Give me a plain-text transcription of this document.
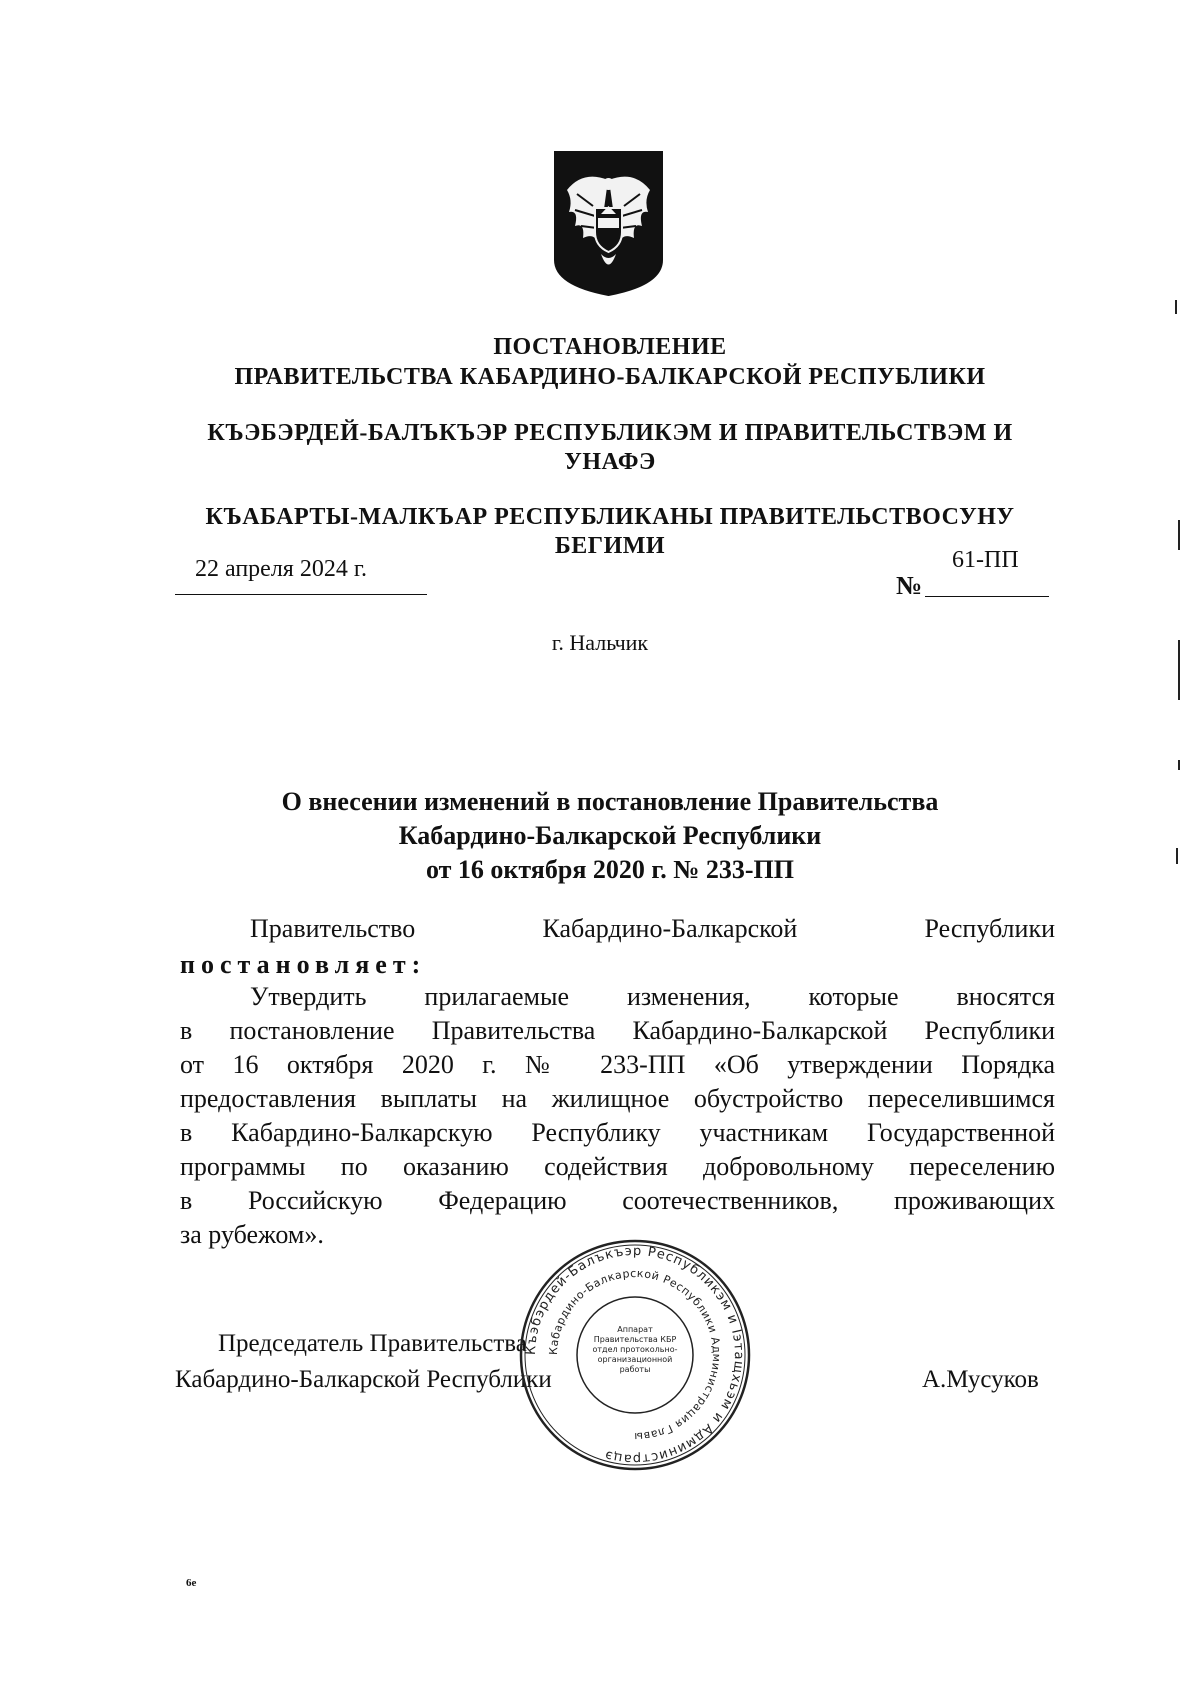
ПОСТАНОВЛЕНИЕ

ПРАВИТЕЛЬСТВА КАБАРДИНО-БАЛКАРСКОЙ РЕСПУБЛИКИ

КЪЭБЭРДЕЙ-БАЛЪКЪЭР РЕСПУБЛИКЭМ И ПРАВИТЕЛЬСТВЭМ И

УНАФЭ

КЪАБАРТЫ-МАЛКЪАР РЕСПУБЛИКАНЫ ПРАВИТЕЛЬСТВОСУНУ

БЕГИМИ

22 апреля 2024 г.
№
61-ПП
г. Нальчик

О внесении изменений в постановление Правительства

Кабардино-Балкарской Республики

от 16 октября 2020 г. № 233-ПП

Правительство Кабардино-Балкарской Республики
постановляет:
Утвердить прилагаемые изменения, которые вносятся
в постановление Правительства Кабардино-Балкарской Республики
от 16 октября 2020 г. № 233-ПП «Об утверждении Порядка
предоставления выплаты на жилищное обустройство переселившимся
в Кабардино-Балкарскую Республику участникам Государственной
программы по оказанию содействия добровольному переселению
в Российскую Федерацию соотечественников, проживающих
за рубежом».
Председатель Правительства
Кабардино-Балкарской Республики	А.Мусуков
Къэбэрдей-Балъкъэр Республикэм и Iэтащхьэм и Администрацэ
Кабардино-Балкарской Республики Администрация Главы
Аппарат Правительства КБР отдел протокольно-организационной работы
6е
